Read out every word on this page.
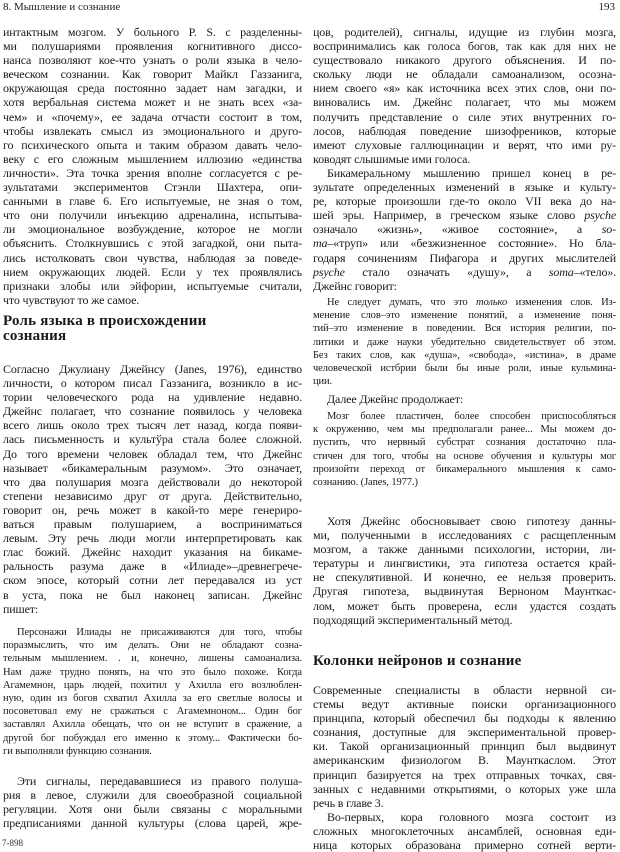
8. Мышление и сознание	193
интактным мозгом. У больного P. S. с разделенны-
ми полушариями проявления когнитивного диссо-
нанса позволяют кое-что узнать о роли языка в чело-
веческом сознании. Как говорит Майкл Газзанига,
окружающая среда постоянно задает нам загадки, и
хотя вербальная система может и не знать всех «за-
чем» и «почему», ее задача отчасти состоит в том,
чтобы извлекать смысл из эмоционального и друго-
го психического опыта и таким образом давать чело-
веку с его сложным мышлением иллюзию «единства
личности». Эта точка зрения вполне согласуется с ре-
зультатами экспериментов Стэнли Шахтера, опи-
санными в главе 6. Его испытуемые, не зная о том,
что они получили инъекцию адреналина, испытыва-
ли эмоциональное возбуждение, которое не могли
объяснить. Столкнувшись с этой загадкой, они пыта-
лись истолковать свои чувства, наблюдая за поведе-
нием окружающих людей. Если у тех проявлялись
признаки злобы или эйфории, испытуемые считали,
что чувствуют то же самое.
Роль языка в происхождении
сознания
Согласно Джулиану Джейнсу (Janes, 1976), единство
личности, о котором писал Газзанига, возникло в ис-
тории человеческого рода на удивление недавно.
Джейнс полагает, что сознание появилось у человека
всего лишь около трех тысяч лет назад, когда появи-
лась письменность и культўра стала более сложной.
До того времени человек обладал тем, что Джейнс
называет «бикамеральным разумом». Это означает,
что два полушария мозга действовали до некоторой
степени независимо друг от друга. Действительно,
говорит он, речь может в какой-то мере генериро-
ваться правым полушарием, а восприниматься
левым. Эту речь люди могли интерпретировать как
глас божий. Джейнс находит указания на бикаме-
ральность разума даже в «Илиаде»–древнегрече-
ском эпосе, который сотни лет передавался из уст
в уста, пока не был наконец записан. Джейнс
пишет:
Персонажи Илиады не присаживаются для того, чтобы
поразмыслить, что им делать. Они не обладают созна-
тельным мышлением. . и, конечно, лишены самоанализа.
Нам даже трудно понять, на что это было похоже. Когда
Агамемнон, царь людей, похитил у Ахилла его возлюблен-
ную, один из богов схватил Ахилла за его светлые волосы и
посоветовал ему не сражаться с Агамемноном... Один бог
заставлял Ахилла обещать, что он не вступит в сражение, а
другой бог побуждал его именно к этому... Фактически бо-
ги выполняли функцию сознания.
Эти сигналы, передававшиеся из правого полуша-
рия в левое, служили для своеобразной социальной
регуляции. Хотя они были связаны с моральными
предписаниями данной культуры (слова царей, жре-
цов, родителей), сигналы, идущие из глубин мозга,
воспринимались как голоса богов, так как для них не
существовало никакого другого объяснения. И по-
скольку люди не обладали самоанализом, осозна-
нием своего «я» как источника всех этих слов, они по-
виновались им. Джейнс полагает, что мы можем
получить представление о силе этих внутренних го-
лосов, наблюдая поведение шизофреников, которые
имеют слуховые галлюцинации и верят, что ими ру-
ководят слышимые ими голоса.
Бикамеральному мышлению пришел конец в ре-
зультате определенных изменений в языке и культу-
ре, которые произошли где-то около VII века до на-
шей эры. Например, в греческом языке слово psyche
означало «жизнь», «живое состояние», а so-
ma–«труп» или «безжизненное состояние». Но бла-
годаря сочинениям Пифагора и других мыслителей
psyche стало означать «душу», а soma–«тело».
Джейнс говорит:
Не следует думать, что это только изменения слов. Из-
менение слов–это изменение понятий, а изменение поня-
тий–это изменение в поведении. Вся история религии, по-
литики и даже науки убедительно свидетельствует об этом.
Без таких слов, как «душа», «свобода», «истина», в драме
человеческой истбрии были бы иные роли, иные кульмина-
ции.
Далее Джейнс продолжает:
Мозг более пластичен, более способен приспособляться
к окружению, чем мы предполагали ранее... Мы можем до-
пустить, что нервный субстрат сознания достаточно пла-
стичен для того, чтобы на основе обучения и культуры мог
произойти переход от бикамерального мышления к само-
сознанию. (Janes, 1977.)
Хотя Джейнс обосновывает свою гипотезу данны-
ми, полученными в исследованиях с расщепленным
мозгом, а также данными психологии, истории, ли-
тературы и лингвистики, эта гипотеза остается край-
не спекулятивной. И конечно, ее нельзя проверить.
Другая гипотеза, выдвинутая Верноном Маунткас-
лом, может быть проверена, если удастся создать
подходящий экспериментальный метод.
Колонки нейронов и сознание
Современные специалисты в области нервной си-
стемы ведут активные поиски организационного
принципа, который обеспечил бы подходы к явлению
сознания, доступные для экспериментальной провер-
ки. Такой организационный принцип был выдвинут
американским физиологом В. Маунткаслом. Этот
принцип базируется на трех отправных точках, свя-
занных с недавними открытиями, о которых уже шла
речь в главе 3.
Во-первых, кора головного мозга состоит из
сложных многоклеточных ансамблей, основная еди-
ница которых образована примерно сотней верти-
7-898
